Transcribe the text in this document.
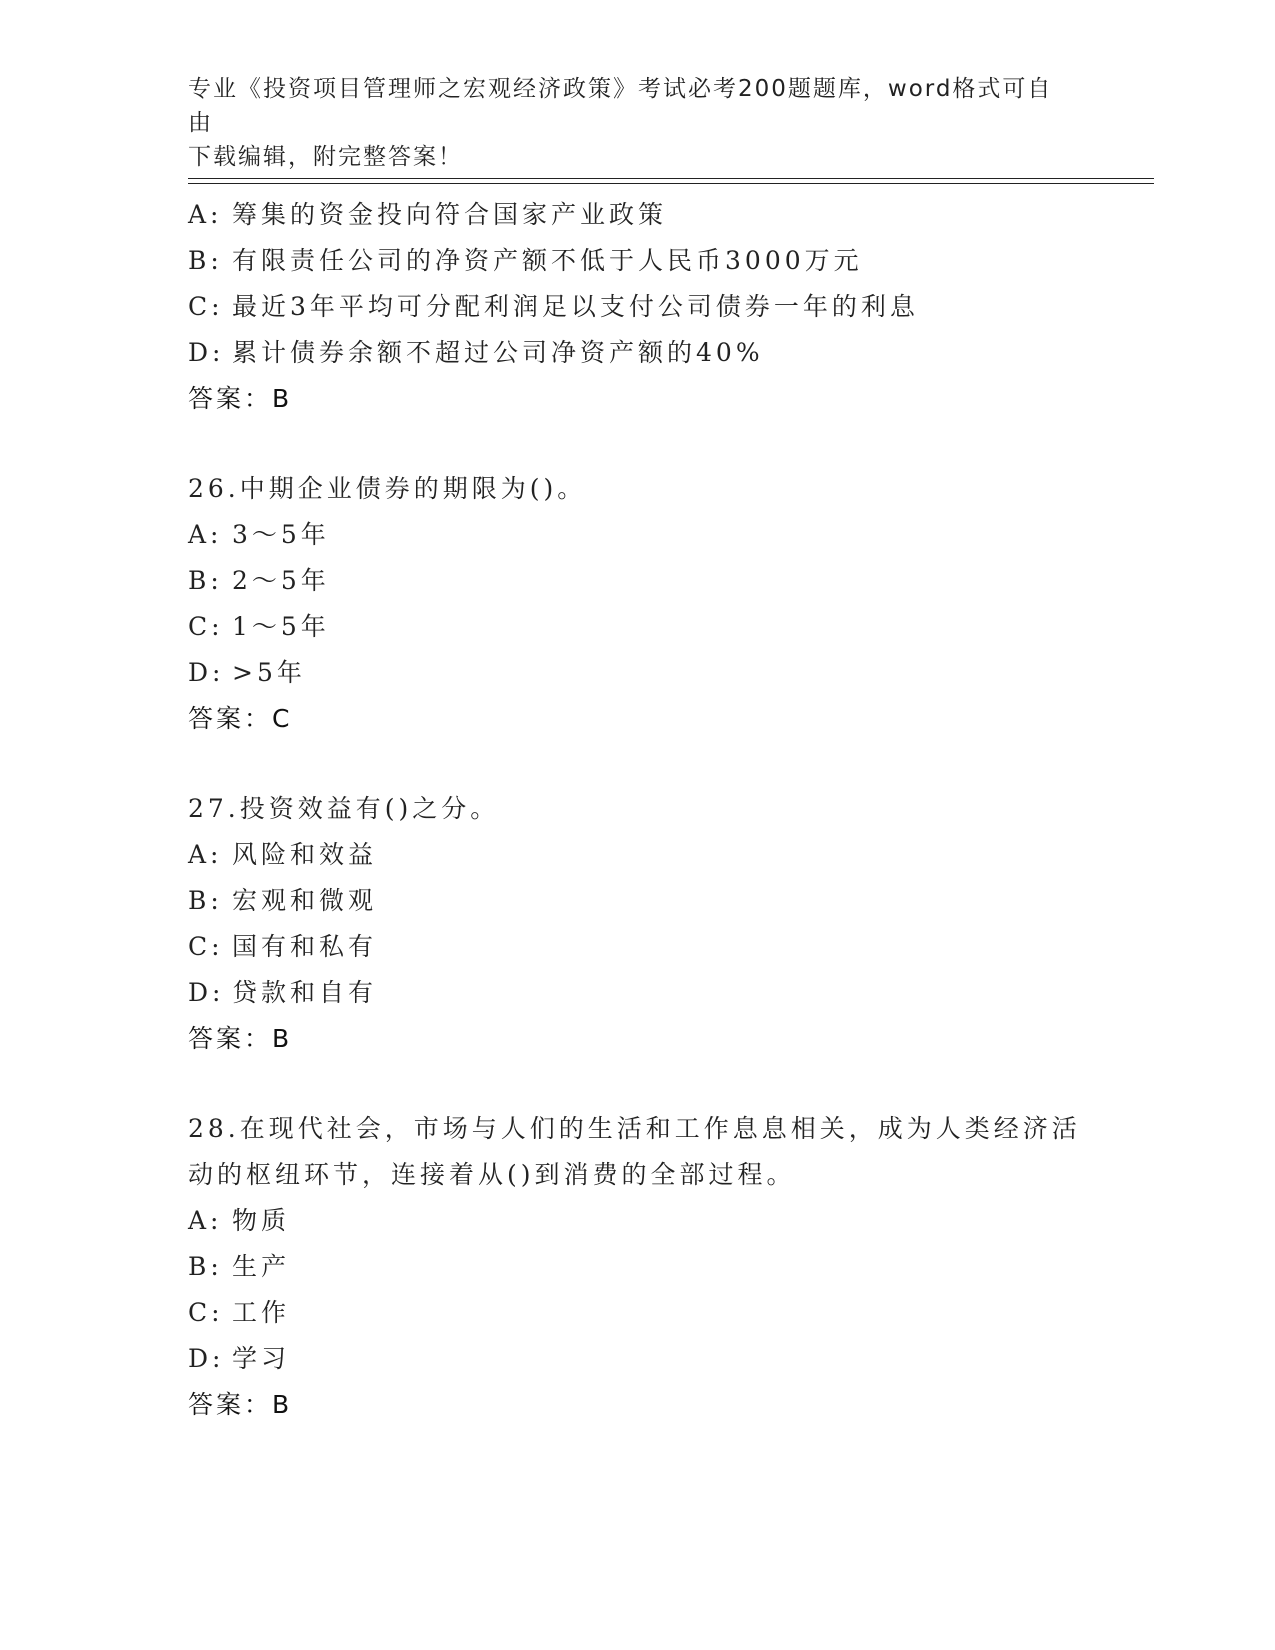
专业《投资项目管理师之宏观经济政策》考试必考200题题库，word格式可自由
下载编辑，附完整答案！
A: 筹集的资金投向符合国家产业政策
B: 有限责任公司的净资产额不低于人民币3000万元
C: 最近3年平均可分配利润足以支付公司债券一年的利息
D: 累计债券余额不超过公司净资产额的40%
答案：B
26.中期企业债券的期限为()。
A: 3～5年
B: 2～5年
C: 1～5年
D: >5年
答案：C
27.投资效益有()之分。
A: 风险和效益
B: 宏观和微观
C: 国有和私有
D: 贷款和自有
答案：B
28.在现代社会，市场与人们的生活和工作息息相关，成为人类经济活
动的枢纽环节，连接着从()到消费的全部过程。
A: 物质
B: 生产
C: 工作
D: 学习
答案：B
